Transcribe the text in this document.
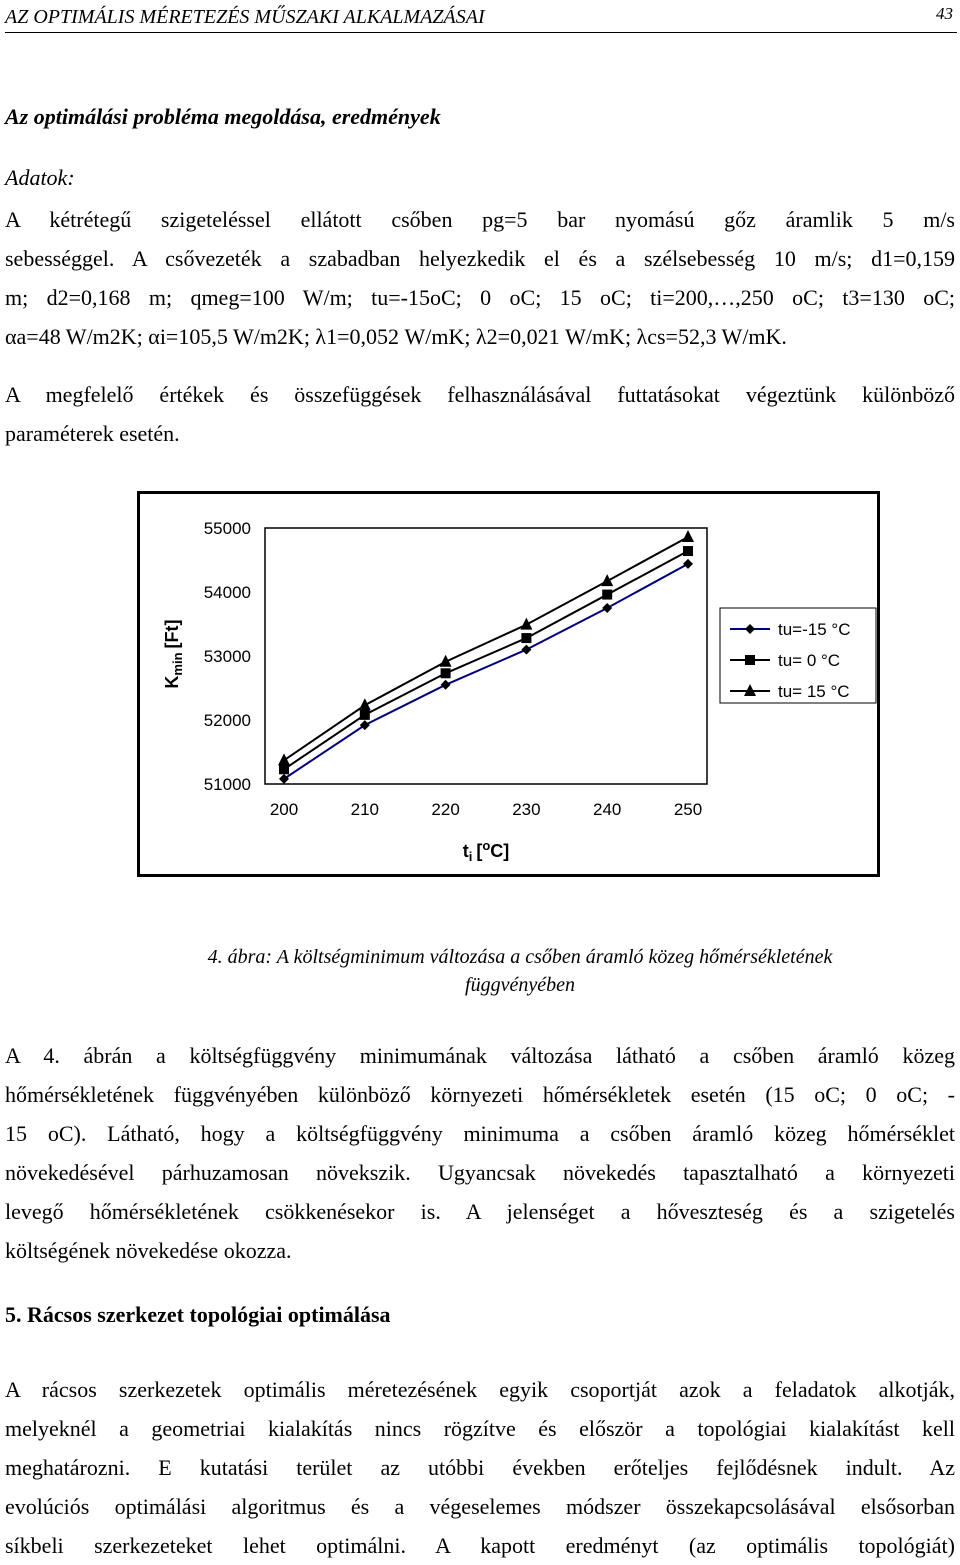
AZ OPTIMÁLIS MÉRETEZÉS MŰSZAKI ALKALMAZÁSAI	43
Az optimálási probléma megoldása, eredmények
Adatok:
A kétrétegű szigeteléssel ellátott csőben pg=5 bar nyomású gőz áramlik 5 m/s
sebességgel. A csővezeték a szabadban helyezkedik el és a szélsebesség 10 m/s; d1=0,159
m; d2=0,168 m; qmeg=100 W/m; tu=-15oC; 0 oC; 15 oC; ti=200,…,250 oC; t3=130 oC;
αa=48 W/m2K; αi=105,5 W/m2K; λ1=0,052 W/mK; λ2=0,021 W/mK; λcs=52,3 W/mK.
A megfelelő értékek és összefüggések felhasználásával futtatásokat végeztünk különböző
paraméterek esetén.
55000
54000
53000
52000
51000
200	210	220	230	240	250
$K_{min}[Ft]$
$t_i$ [$^o$C]
tu=-15 °C
tu= 0 °C
tu= 15 °C
4. ábra: A költségminimum változása a csőben áramló közeg hőmérsékletének
függvényében
A 4. ábrán a költségfüggvény minimumának változása látható a csőben áramló közeg
hőmérsékletének függvényében különböző környezeti hőmérsékletek esetén (15 oC; 0 oC; -
15 oC). Látható, hogy a költségfüggvény minimuma a csőben áramló közeg hőmérséklet
növekedésével párhuzamosan növekszik. Ugyancsak növekedés tapasztalható a környezeti
levegő hőmérsékletének csökkenésekor is. A jelenséget a hőveszteség és a szigetelés
költségének növekedése okozza.
5. Rácsos szerkezet topológiai optimálása
A rácsos szerkezetek optimális méretezésének egyik csoportját azok a feladatok alkotják,
melyeknél a geometriai kialakítás nincs rögzítve és először a topológiai kialakítást kell
meghatározni. E kutatási terület az utóbbi években erőteljes fejlődésnek indult. Az
evolúciós optimálási algoritmus és a végeselemes módszer összekapcsolásával elsősorban
síkbeli szerkezeteket lehet optimálni. A kapott eredményt (az optimális topológiát)
